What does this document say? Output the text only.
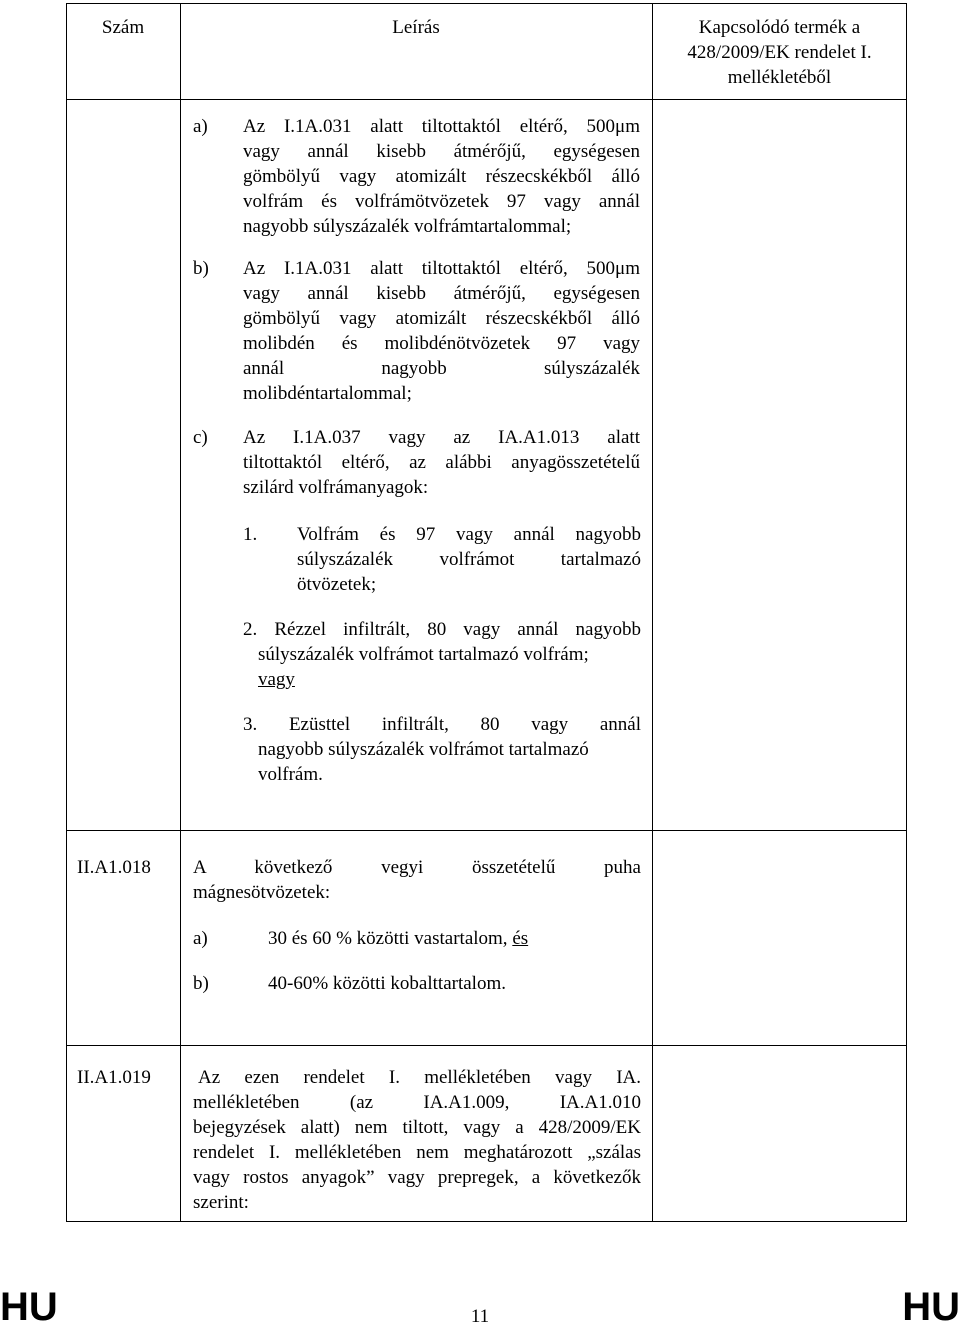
Szám	Leírás	Kapcsolódó termék a
428/2009/EK rendelet I.
mellékletéből
a) Az I.1A.031 alatt tiltottaktól eltérő, 500μm
vagy annál kisebb átmérőjű, egységesen
gömbölyű vagy atomizált részecskékből álló
volfrám és volfrámötvözetek 97 vagy annál
nagyobb súlyszázalék volfrámtartalommal;
b) Az I.1A.031 alatt tiltottaktól eltérő, 500μm
vagy annál kisebb átmérőjű, egységesen
gömbölyű vagy atomizált részecskékből álló
molibdén és molibdénötvözetek 97 vagy
annál nagyobb súlyszázalék
molibdéntartalommal;
c) Az I.1A.037 vagy az IA.A1.013 alatt
tiltottaktól eltérő, az alábbi anyagösszetételű
szilárd volfrámanyagok:
1. Volfrám és 97 vagy annál nagyobb
súlyszázalék volfrámot tartalmazó
ötvözetek;
2. Rézzel infiltrált, 80 vagy annál nagyobb
súlyszázalék volfrámot tartalmazó volfrám;
vagy
3. Ezüsttel infiltrált, 80 vagy annál
nagyobb súlyszázalék volfrámot tartalmazó
volfrám.
II.A1.018 A következő vegyi összetételű puha
mágnesötvözetek:
a)	30 és 60 % közötti vastartalom, és
b)	40-60% közötti kobalttartalom.
II.A1.019 Az ezen rendelet I. mellékletében vagy IA.
mellékletében (az IA.A1.009, IA.A1.010
bejegyzések alatt) nem tiltott, vagy a 428/2009/EK
rendelet I. mellékletében nem meghatározott „szálas
vagy rostos anyagok” vagy prepregek, a következők
szerint:
HU	11	HU
